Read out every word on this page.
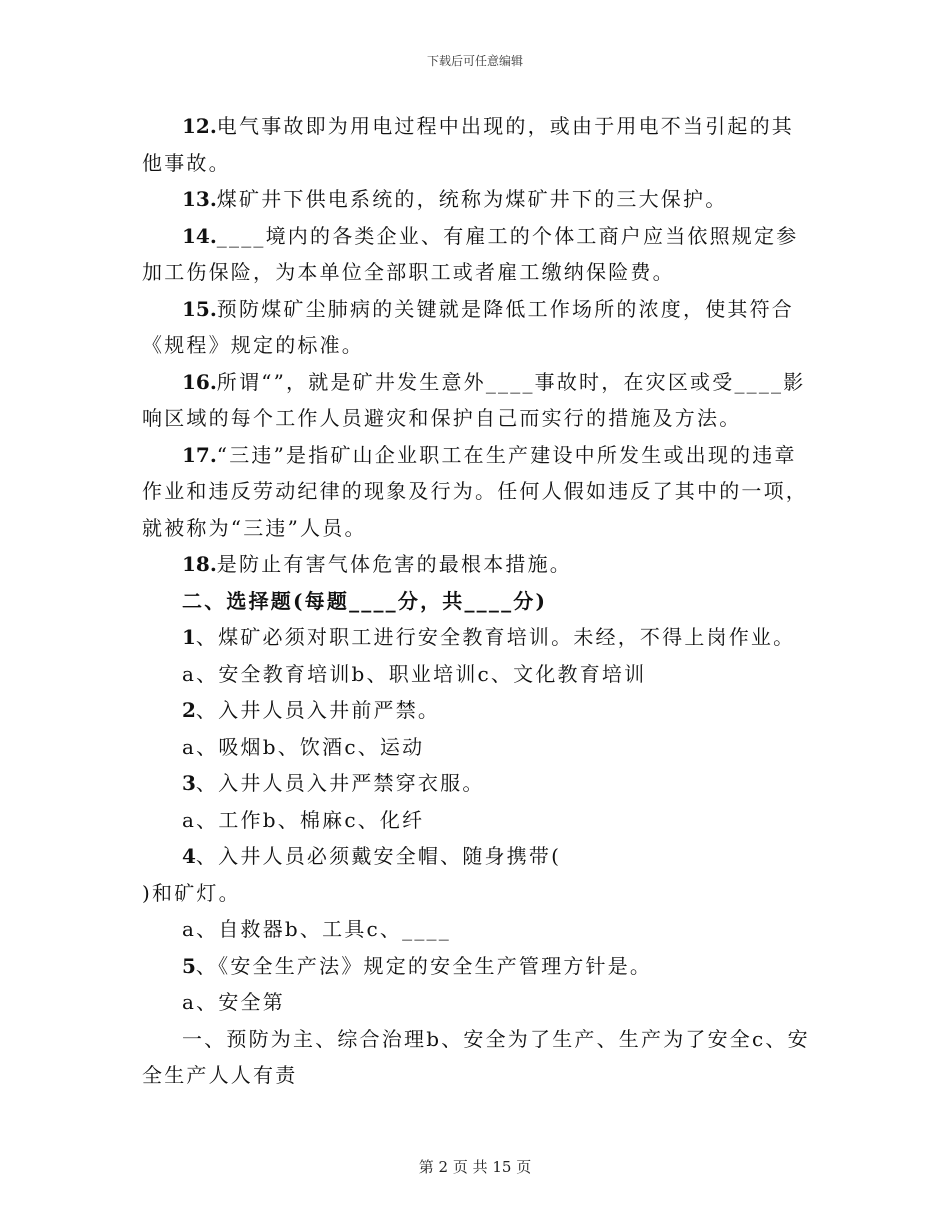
下载后可任意编辑

12.电气事故即为用电过程中出现的，或由于用电不当引起的其他事故。

13.煤矿井下供电系统的，统称为煤矿井下的三大保护。

14.____境内的各类企业、有雇工的个体工商户应当依照规定参加工伤保险，为本单位全部职工或者雇工缴纳保险费。

15.预防煤矿尘肺病的关键就是降低工作场所的浓度，使其符合《规程》规定的标准。

16.所谓“”，就是矿井发生意外____事故时，在灾区或受____影响区域的每个工作人员避灾和保护自己而实行的措施及方法。

17.“三违”是指矿山企业职工在生产建设中所发生或出现的违章作业和违反劳动纪律的现象及行为。任何人假如违反了其中的一项，就被称为“三违”人员。

18.是防止有害气体危害的最根本措施。

二、选择题(每题____分，共____分)

1、煤矿必须对职工进行安全教育培训。未经，不得上岗作业。

a、安全教育培训b、职业培训c、文化教育培训

2、入井人员入井前严禁。

a、吸烟b、饮酒c、运动

3、入井人员入井严禁穿衣服。

a、工作b、棉麻c、化纤

4、入井人员必须戴安全帽、随身携带(

)和矿灯。

a、自救器b、工具c、____

5、《安全生产法》规定的安全生产管理方针是。

a、安全第

一、预防为主、综合治理b、安全为了生产、生产为了安全c、安全生产人人有责

第 2 页 共 15 页
